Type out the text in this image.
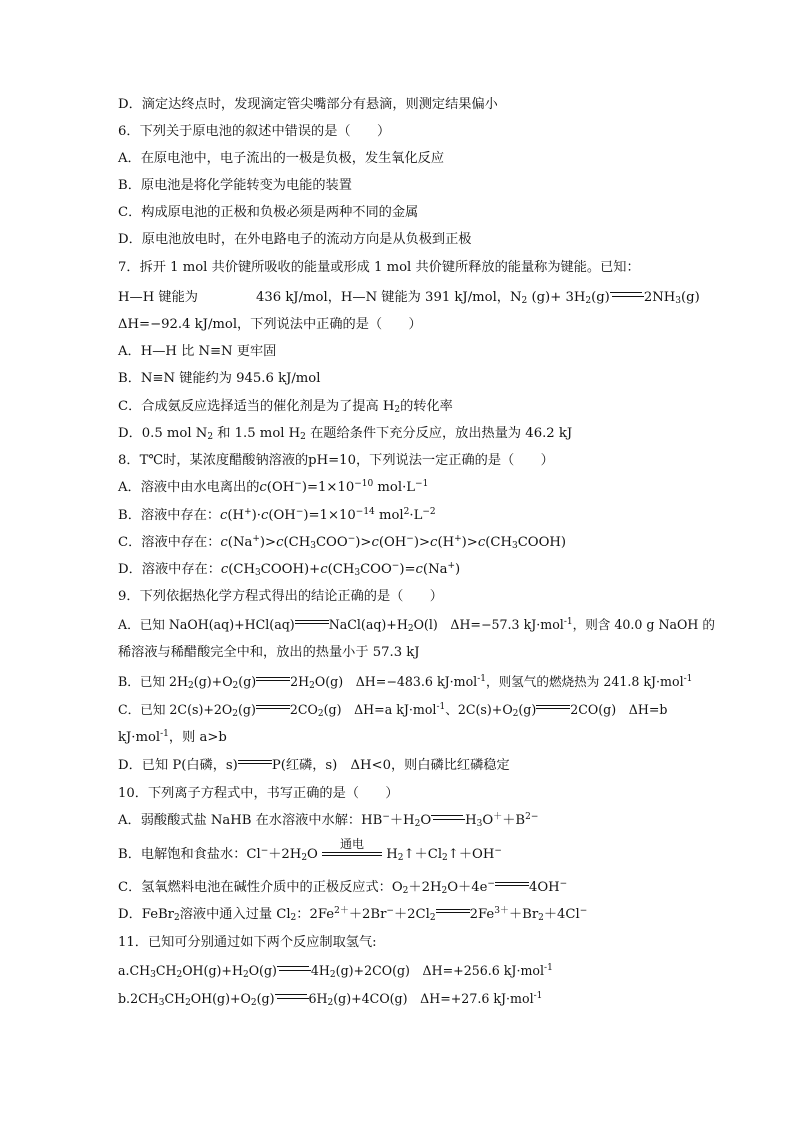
D．滴定达终点时，发现滴定管尖嘴部分有悬滴，则测定结果偏小
6．下列关于原电池的叙述中错误的是（　　）
A．在原电池中，电子流出的一极是负极，发生氧化反应
B．原电池是将化学能转变为电能的装置
C．构成原电池的正极和负极必须是两种不同的金属
D．原电池放电时，在外电路电子的流动方向是从负极到正极
7．拆开 1 mol 共价键所吸收的能量或形成 1 mol 共价键所释放的能量称为键能。已知：
H—H 键能为	436 kJ/mol，H—N 键能为 391 kJ/mol，$N_2$ $(g)+ 3H_2(g)$	$2NH_3(g)$
ΔH=−92.4 kJ/mol，下列说法中正确的是（　　）
A．H—H 比 N≡N 更牢固
B．N≡N 键能约为 945.6 kJ/mol
C．合成氨反应选择适当的催化剂是为了提高 $H_2$的转化率
D．0.5 mol $N_2$ 和 1.5 mol $H_2$ 在题给条件下充分反应，放出热量为 46.2 kJ
8．T℃时，某浓度醋酸钠溶液的pH=10，下列说法一定正确的是（　　）
A．溶液中由水电离出的$c(OH^-)=1\times 10^{-10}$ $mol\cdot L^{-1}$
B．溶液中存在：$c(H^+)\cdot c(OH^-)=1\times 10^{-14}$ $mol^2\cdot L^{-2}$
C．溶液中存在：$c(Na^+)>c(CH_3COO^-)>c(OH^-)>c(H^+)>c(CH_3COOH)$
D．溶液中存在：$c(CH_3COOH)+c(CH_3COO^-)=c(Na^+)$
9．下列依据热化学方程式得出的结论正确的是（　　）
A．已知 NaOH(aq)+HCl(aq)	$NaCl(aq)+H_2O(l)$　ΔH=−57.3 kJ·mol$^{-1}$，则含 40.0 g NaOH 的
稀溶液与稀醋酸完全中和，放出的热量小于 57.3 kJ
B．已知 $2H_2(g)+O_2(g)$	$2H_2O(g)$　ΔH=−483.6 kJ·mol$^{-1}$，则氢气的燃烧热为 241.8 kJ·mol$^{-1}$
C．已知 $2C(s)+2O_2(g)$	$2CO_2(g)$　ΔH=a kJ·mol$^{-1}$、$2C(s)+O_2(g)$	2CO(g)　ΔH=b
kJ·mol$^{-1}$，则 a>b
D．已知 P(白磷，s)	P(红磷，s)　ΔH<0，则白磷比红磷稳定
10．下列离子方程式中，书写正确的是（　　）
A．弱酸酸式盐 NaHB 在水溶液中水解：$HB^-+H_2O$	$H_3O^++B^{2-}$
B．电解饱和食盐水：$Cl^-+2H_2O$
通电
$H_2↑+Cl_2↑+OH^-$
C．氢氧燃料电池在碱性介质中的正极反应式：$O_2+2H_2O+4e^-$	4OH−
D．FeBr$_2$溶液中通入过量 $Cl_2$：$2Fe^{2+}+2Br^-+2Cl_2$	$2Fe^{3+}+Br_2+4Cl^-$
11．已知可分别通过如下两个反应制取氢气:
$a.CH_3CH_2OH(g)+H_2O(g)$	$4H_2(g)+2CO(g)$　ΔH=+256.6 kJ·mol$^{-1}$
$b.2CH_3CH_2OH(g)+O_2(g)$	$6H_2(g)+4CO(g)$　ΔH=+27.6 kJ·mol$^{-1}$
